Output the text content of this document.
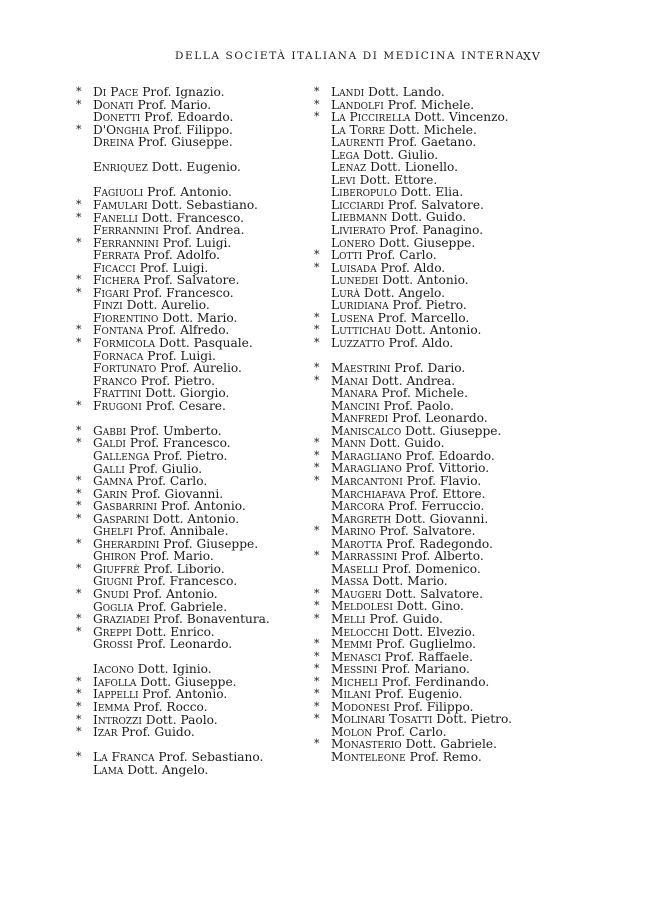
DELLA SOCIETÀ ITALIANA DI MEDICINA INTERNA
XV
* Di Pace Prof. Ignazio.
* Donati Prof. Mario.
Donetti Prof. Edoardo.
* D'Onghia Prof. Filippo.
Dreina Prof. Giuseppe.
Enriquez Dott. Eugenio.
Fagiuoli Prof. Antonio.
* Famulari Dott. Sebastiano.
* Fanelli Dott. Francesco.
Ferrannini Prof. Andrea.
* Ferrannini Prof. Luigi.
Ferrata Prof. Adolfo.
Ficacci Prof. Luigi.
* Fichera Prof. Salvatore.
* Figari Prof. Francesco.
Finzi Dott. Aurelio.
Fiorentino Dott. Mario.
* Fontana Prof. Alfredo.
* Formicola Dott. Pasquale.
Fornaca Prof. Luigi.
Fortunato Prof. Aurelio.
Franco Prof. Pietro.
Frattini Dott. Giorgio.
* Frugoni Prof. Cesare.
* Gabbi Prof. Umberto.
* Galdi Prof. Francesco.
Gallenga Prof. Pietro.
Galli Prof. Giulio.
* Gamna Prof. Carlo.
* Garin Prof. Giovanni.
* Gasbarrini Prof. Antonio.
* Gasparini Dott. Antonio.
Ghelfi Prof. Annibale.
* Gherardini Prof. Giuseppe.
Ghiron Prof. Mario.
* Giuffrè Prof. Liborio.
Giugni Prof. Francesco.
* Gnudi Prof. Antonio.
Goglia Prof. Gabriele.
* Graziadei Prof. Bonaventura.
* Greppi Dott. Enrico.
Grossi Prof. Leonardo.
Iacono Dott. Iginio.
* Iafolla Dott. Giuseppe.
* Iappelli Prof. Antonio.
* Iemma Prof. Rocco.
* Introzzi Dott. Paolo.
* Izar Prof. Guido.
* La Franca Prof. Sebastiano.
Lama Dott. Angelo.
* Landi Dott. Lando.
* Landolfi Prof. Michele.
* La Piccirella Dott. Vincenzo.
La Torre Dott. Michele.
Laurenti Prof. Gaetano.
Lega Dott. Giulio.
Lenaz Dott. Lionello.
Levi Dott. Ettore.
Liberopulo Dott. Elia.
Licciardi Prof. Salvatore.
Liebmann Dott. Guido.
Livierato Prof. Panagino.
Lonero Dott. Giuseppe.
* Lotti Prof. Carlo.
* Luisada Prof. Aldo.
Lunedei Dott. Antonio.
Lurà Dott. Angelo.
Luridiana Prof. Pietro.
* Lusena Prof. Marcello.
* Luttichau Dott. Antonio.
* Luzzatto Prof. Aldo.
* Maestrini Prof. Dario.
* Manai Dott. Andrea.
Manara Prof. Michele.
Mancini Prof. Paolo.
Manfredi Prof. Leonardo.
Maniscalco Dott. Giuseppe.
* Mann Dott. Guido.
* Maragliano Prof. Edoardo.
* Maragliano Prof. Vittorio.
* Marcantoni Prof. Flavio.
Marchiafava Prof. Ettore.
Marcora Prof. Ferruccio.
Margreth Dott. Giovanni.
* Marino Prof. Salvatore.
Marotta Prof. Radegondo.
* Marrassini Prof. Alberto.
Maselli Prof. Domenico.
Massa Dott. Mario.
* Maugeri Dott. Salvatore.
* Meldolesi Dott. Gino.
* Melli Prof. Guido.
Melocchi Dott. Elvezio.
* Memmi Prof. Guglielmo.
* Menasci Prof. Raffaele.
* Messini Prof. Mariano.
* Micheli Prof. Ferdinando.
* Milani Prof. Eugenio.
* Modonesi Prof. Filippo.
* Molinari Tosatti Dott. Pietro.
Molon Prof. Carlo.
* Monasterio Dott. Gabriele.
Monteleone Prof. Remo.
